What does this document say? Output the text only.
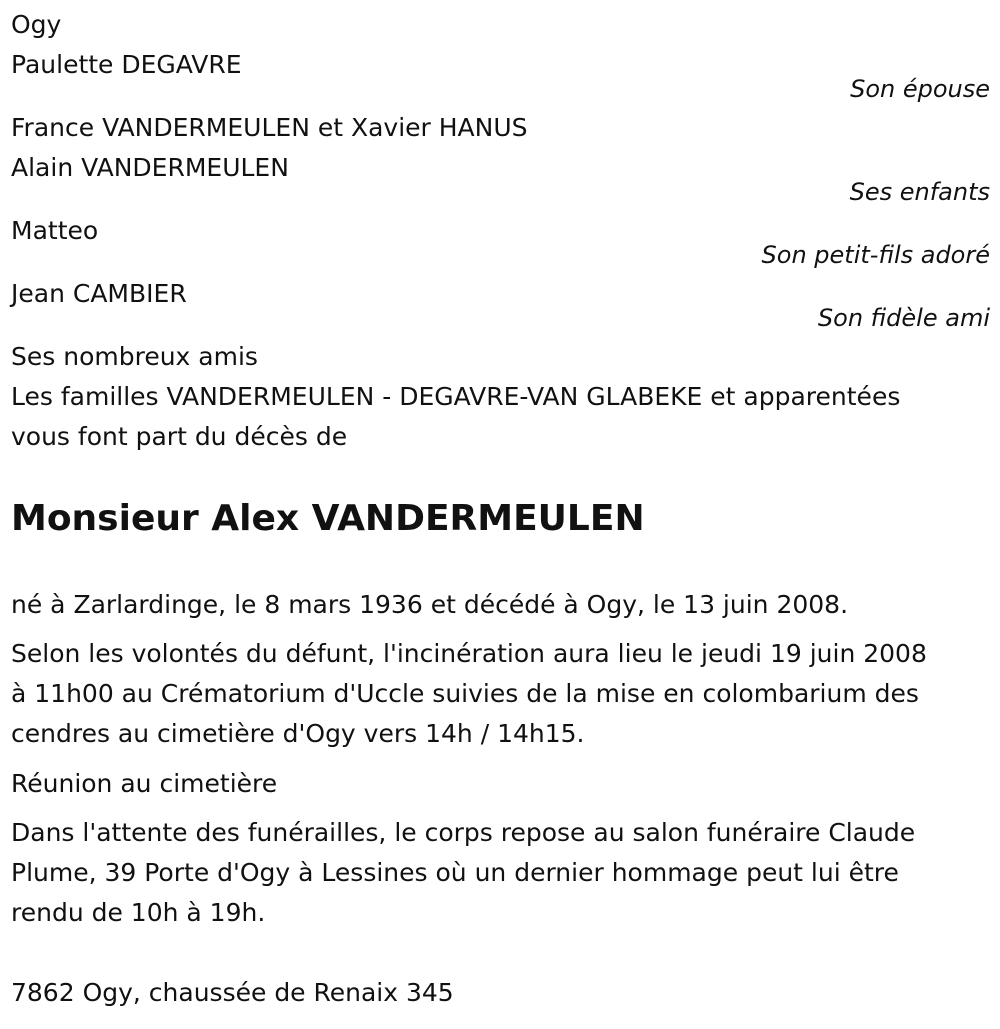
Ogy

Paulette DEGAVRE

Son épouse

France VANDERMEULEN et Xavier HANUS

Alain VANDERMEULEN

Ses enfants

Matteo

Son petit-fils adoré

Jean CAMBIER

Son fidèle ami

Ses nombreux amis

Les familles VANDERMEULEN - DEGAVRE-VAN GLABEKE et apparentées

vous font part du décès de

Monsieur Alex VANDERMEULEN

né à Zarlardinge, le 8 mars 1936 et décédé à Ogy, le 13 juin 2008.

Selon les volontés du défunt, l'incinération aura lieu le jeudi 19 juin 2008

à 11h00 au Crématorium d'Uccle suivies de la mise en colombarium des

cendres au cimetière d'Ogy vers 14h / 14h15.

Réunion au cimetière

Dans l'attente des funérailles, le corps repose au salon funéraire Claude

Plume, 39 Porte d'Ogy à Lessines où un dernier hommage peut lui être

rendu de 10h à 19h.

7862 Ogy, chaussée de Renaix 345
